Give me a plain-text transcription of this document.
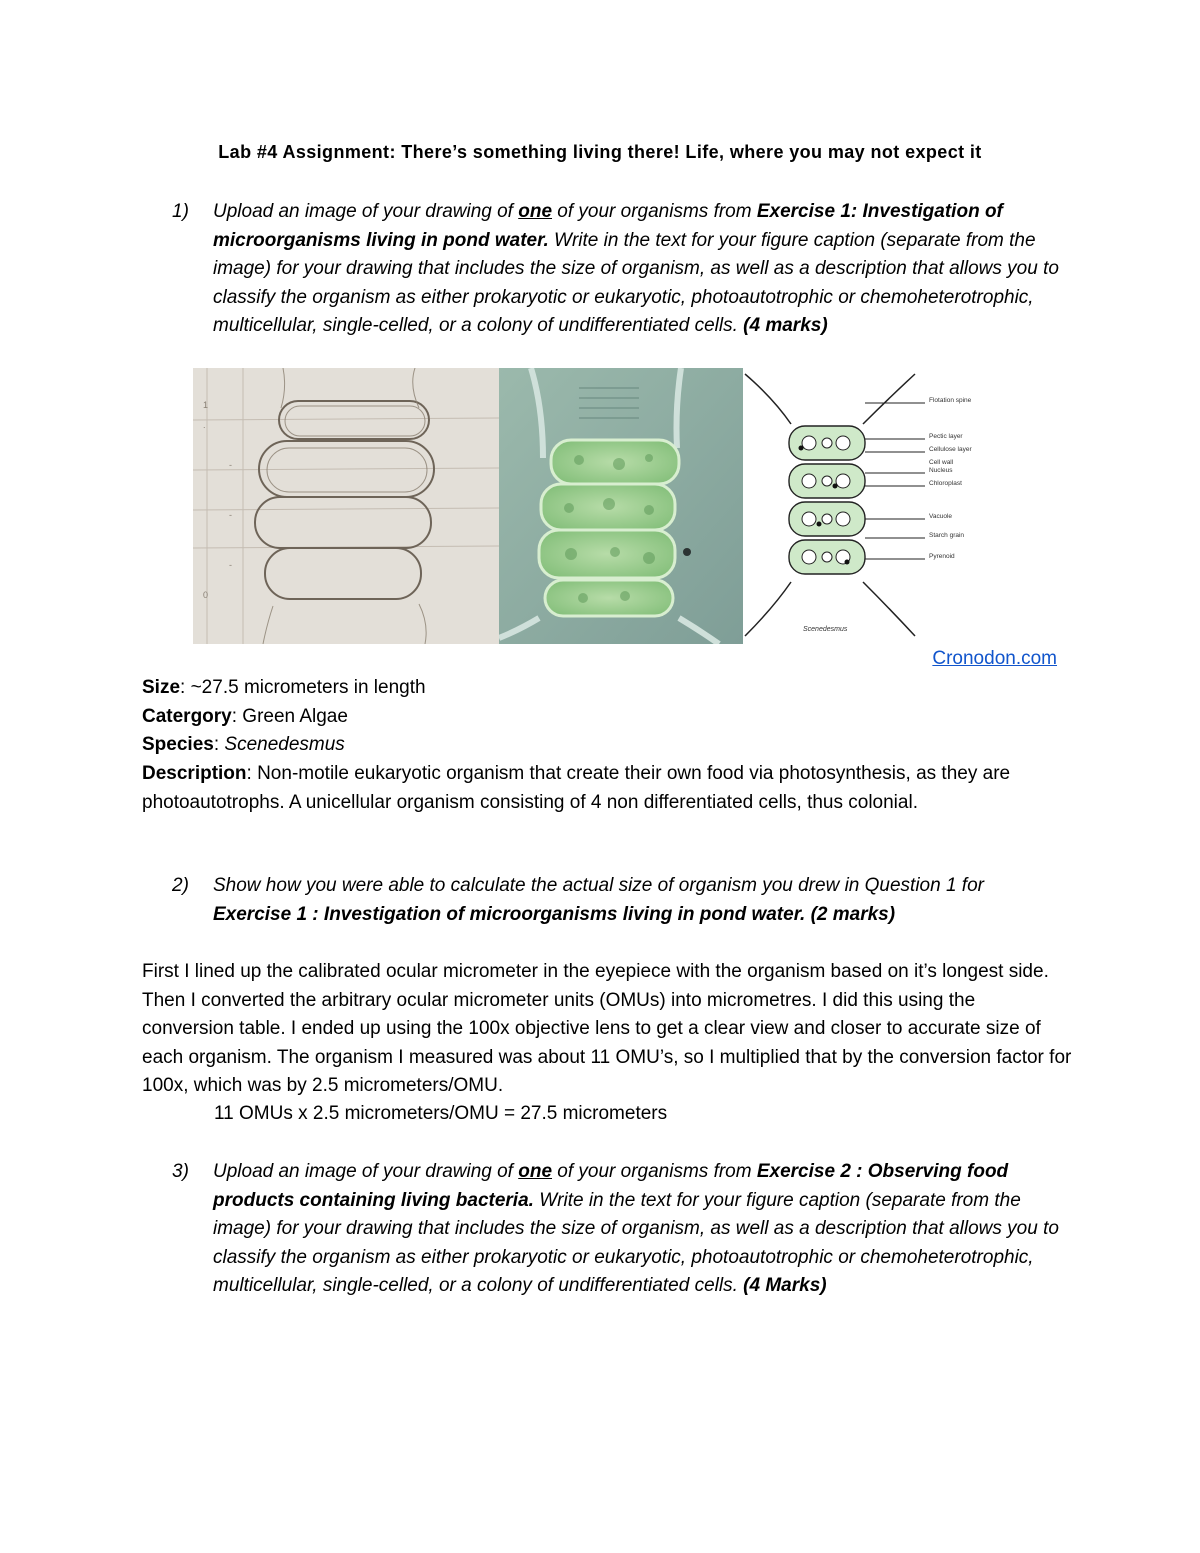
Lab #4 Assignment: There’s something living there! Life, where you may not expect it
1) Upload an image of your drawing of one of your organisms from Exercise 1: Investigation of microorganisms living in pond water. Write in the text for your figure caption (separate from the image) for your drawing that includes the size of organism, as well as a description that allows you to classify the organism as either prokaryotic or eukaryotic, photoautotrophic or chemoheterotrophic, multicellular, single-celled, or a colony of undifferentiated cells. (4 marks)
1
.
-
-
-
0
Flotation spine
Pectic layer
Cellulose layer
Cell wall
Nucleus
Chloroplast
Vacuole
Starch grain
Pyrenoid
Scenedesmus
Cronodon.com
Size: ~27.5 micrometers in length
Catergory: Green Algae
Species: Scenedesmus
Description: Non-motile eukaryotic organism that create their own food via photosynthesis, as they are photoautotrophs. A unicellular organism consisting of 4 non differentiated cells, thus colonial.
2) Show how you were able to calculate the actual size of organism you drew in Question 1 for Exercise 1 : Investigation of microorganisms living in pond water. (2 marks)
First I lined up the calibrated ocular micrometer in the eyepiece with the organism based on it’s longest side. Then I converted the arbitrary ocular micrometer units (OMUs) into micrometres. I did this using the conversion table. I ended up using the 100x objective lens to get a clear view and closer to accurate size of each organism. The organism I measured was about 11 OMU’s, so I multiplied that by the conversion factor for 100x, which was by 2.5 micrometers/OMU.
11 OMUs x 2.5 micrometers/OMU = 27.5 micrometers
3) Upload an image of your drawing of one of your organisms from Exercise 2 : Observing food products containing living bacteria. Write in the text for your figure caption (separate from the image) for your drawing that includes the size of organism, as well as a description that allows you to classify the organism as either prokaryotic or eukaryotic, photoautotrophic or chemoheterotrophic, multicellular, single-celled, or a colony of undifferentiated cells. (4 Marks)
